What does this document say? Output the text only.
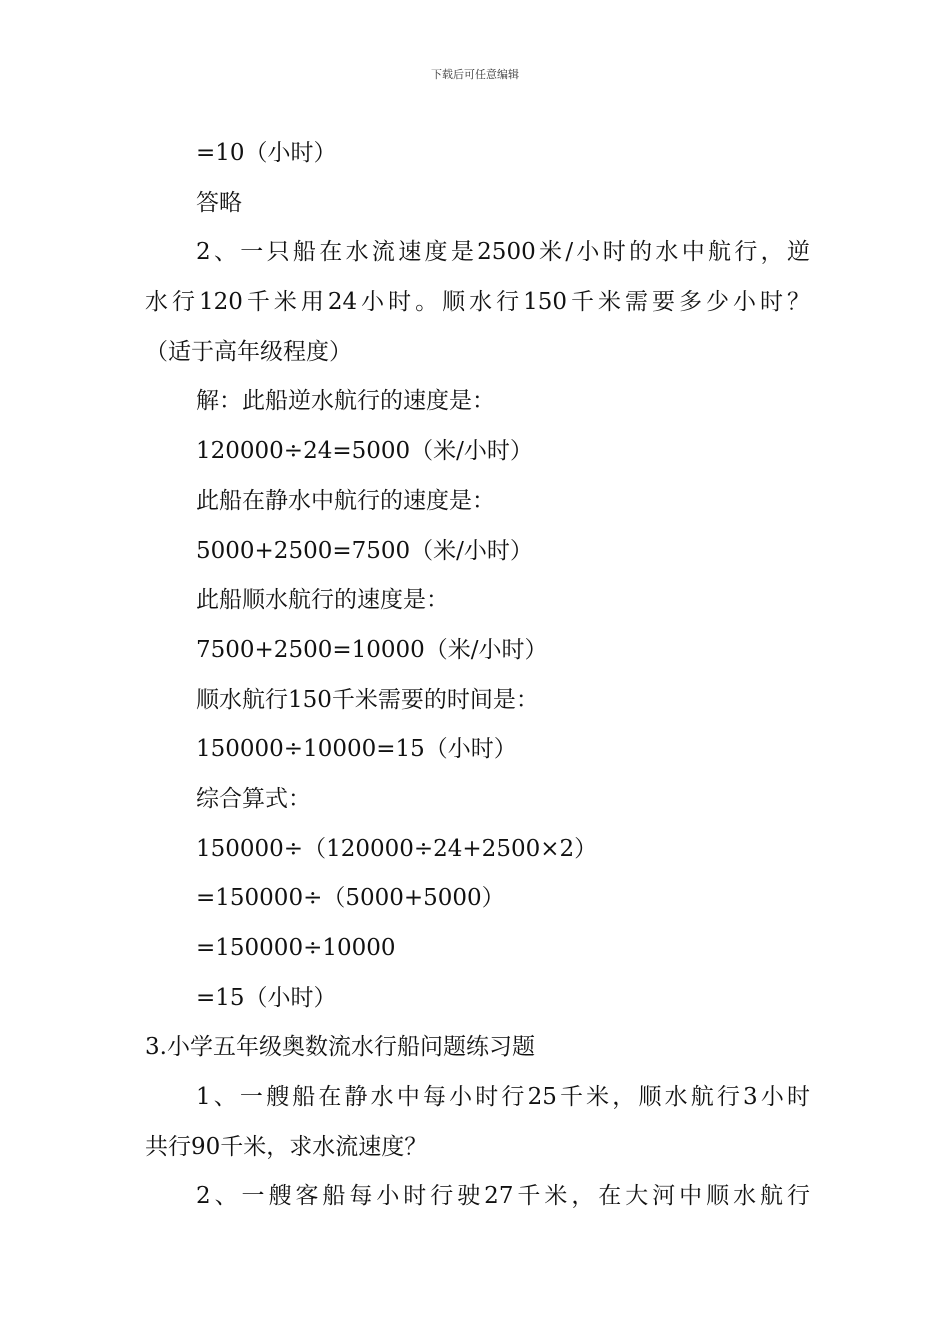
下载后可任意编辑
=10（小时）
答略
2、一只船在水流速度是2500米/小时的水中航行，逆
水行120千米用24小时。顺水行150千米需要多少小时？
（适于高年级程度）
解：此船逆水航行的速度是：
120000÷24=5000（米/小时）
此船在静水中航行的速度是：
5000+2500=7500（米/小时）
此船顺水航行的速度是：
7500+2500=10000（米/小时）
顺水航行150千米需要的时间是：
150000÷10000=15（小时）
综合算式：
150000÷（120000÷24+2500×2）
=150000÷（5000+5000）
=150000÷10000
=15（小时）
3.小学五年级奥数流水行船问题练习题
1、一艘船在静水中每小时行25千米，顺水航行3小时
共行90千米，求水流速度？
2、一艘客船每小时行驶27千米，在大河中顺水航行
